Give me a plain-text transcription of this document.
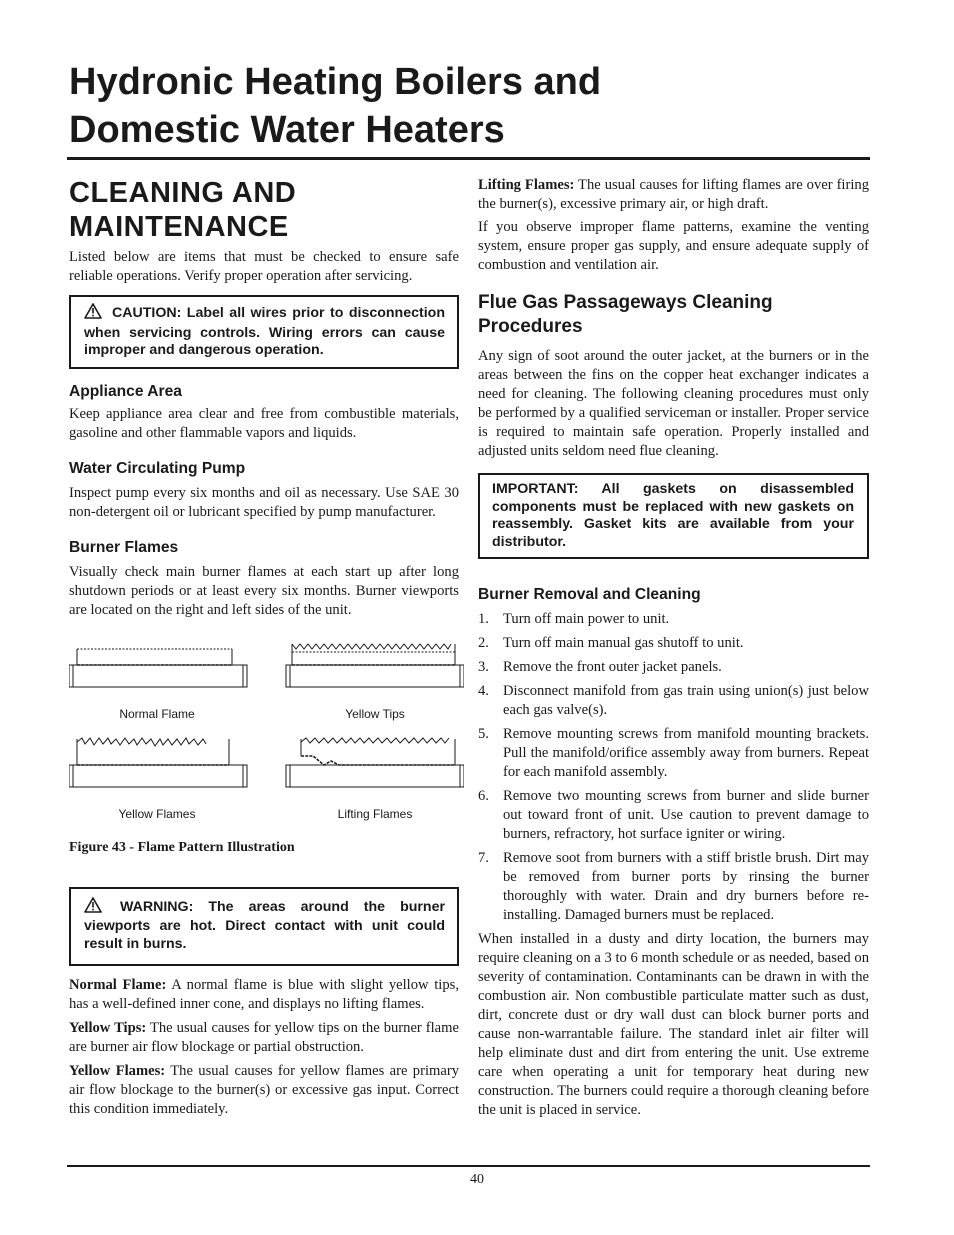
Hydronic Heating Boilers and
Domestic Water Heaters
CLEANING AND
MAINTENANCE

Listed below are items that must be checked to ensure safe reliable operations. Verify proper operation after servicing.

CAUTION: Label all wires prior to disconnection when servicing controls. Wiring errors can cause improper and dangerous operation.
Appliance Area

Keep appliance area clear and free from combustible materials, gasoline and other flammable vapors and liquids.

Water Circulating Pump

Inspect pump every six months and oil as necessary. Use SAE 30 non-detergent oil or lubricant specified by pump manufacturer.

Burner Flames

Visually check main burner flames at each start up after long shutdown periods or at least every six months. Burner viewports are located on the right and left sides of the unit.

Normal Flame	Yellow Tips
Yellow Flames	Lifting Flames

Figure 43 - Flame Pattern Illustration

WARNING: The areas around the burner viewports are hot. Direct contact with unit could result in burns.

Normal Flame: A normal flame is blue with slight yellow tips, has a well-defined inner cone, and displays no lifting flames.

Yellow Tips: The usual causes for yellow tips on the burner flame are burner air flow blockage or partial obstruction.

Yellow Flames: The usual causes for yellow flames are primary air flow blockage to the burner(s) or excessive gas input. Correct this condition immediately.

Lifting Flames: The usual causes for lifting flames are over firing the burner(s), excessive primary air, or high draft.

If you observe improper flame patterns, examine the venting system, ensure proper gas supply, and ensure adequate supply of combustion and ventilation air.

Flue Gas Passageways Cleaning Procedures

Any sign of soot around the outer jacket, at the burners or in the areas between the fins on the copper heat exchanger indicates a need for cleaning. The following cleaning procedures must only be performed by a qualified serviceman or installer. Proper service is required to maintain safe operation. Properly installed and adjusted units seldom need flue cleaning.

IMPORTANT: All gaskets on disassembled components must be replaced with new gaskets on reassembly. Gasket kits are available from your distributor.
Burner Removal and Cleaning
1. Turn off main power to unit.
2. Turn off main manual gas shutoff to unit.
3. Remove the front outer jacket panels.
4. Disconnect manifold from gas train using union(s) just below each gas valve(s).
5. Remove mounting screws from manifold mounting brackets. Pull the manifold/orifice assembly away from burners. Repeat for each manifold assembly.
6. Remove two mounting screws from burner and slide burner out toward front of unit. Use caution to prevent damage to burners, refractory, hot surface igniter or wiring.
7. Remove soot from burners with a stiff bristle brush. Dirt may be removed from burner ports by rinsing the burner thoroughly with water. Drain and dry burners before re-installing. Damaged burners must be replaced.

When installed in a dusty and dirty location, the burners may require cleaning on a 3 to 6 month schedule or as needed, based on severity of contamination. Contaminants can be drawn in with the combustion air. Non combustible particulate matter such as dust, dirt, concrete dust or dry wall dust can block burner ports and cause non-warrantable failure. The standard inlet air filter will help eliminate dust and dirt from entering the unit. Use extreme care when operating a unit for temporary heat during new construction. The burners could require a thorough cleaning before the unit is placed in service.

40
